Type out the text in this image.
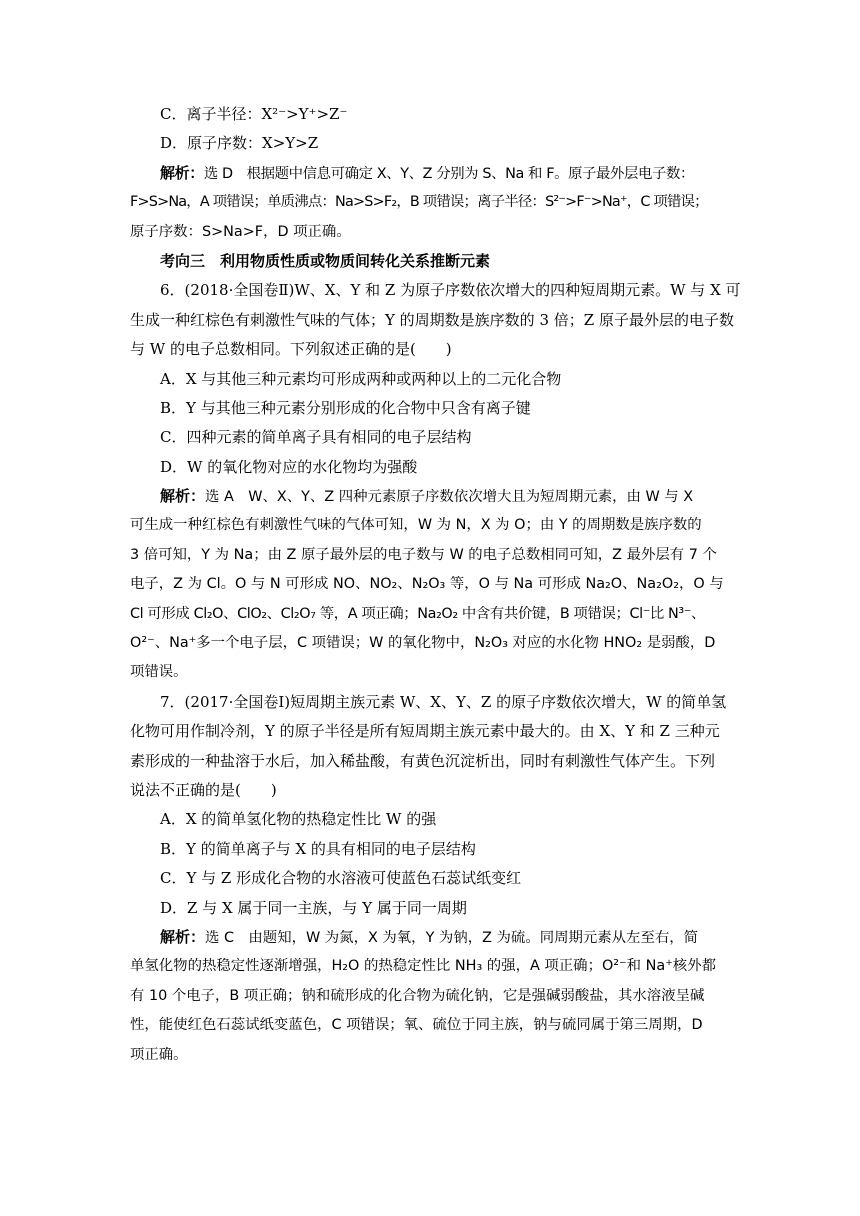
C．离子半径：X²⁻>Y⁺>Z⁻
D．原子序数：X>Y>Z
解析：选 D　根据题中信息可确定 X、Y、Z 分别为 S、Na 和 F。原子最外层电子数：
F>S>Na，A 项错误；单质沸点：Na>S>F₂，B 项错误；离子半径：S²⁻>F⁻>Na⁺，C 项错误；
原子序数：S>Na>F，D 项正确。
考向三　利用物质性质或物质间转化关系推断元素
6．(2018·全国卷Ⅱ)W、X、Y 和 Z 为原子序数依次增大的四种短周期元素。W 与 X 可
生成一种红棕色有刺激性气味的气体；Y 的周期数是族序数的 3 倍；Z 原子最外层的电子数
与 W 的电子总数相同。下列叙述正确的是(　　)
A．X 与其他三种元素均可形成两种或两种以上的二元化合物
B．Y 与其他三种元素分别形成的化合物中只含有离子键
C．四种元素的简单离子具有相同的电子层结构
D．W 的氧化物对应的水化物均为强酸
解析：选 A　W、X、Y、Z 四种元素原子序数依次增大且为短周期元素，由 W 与 X
可生成一种红棕色有刺激性气味的气体可知，W 为 N，X 为 O；由 Y 的周期数是族序数的
3 倍可知，Y 为 Na；由 Z 原子最外层的电子数与 W 的电子总数相同可知，Z 最外层有 7 个
电子，Z 为 Cl。O 与 N 可形成 NO、NO₂、N₂O₃ 等，O 与 Na 可形成 Na₂O、Na₂O₂，O 与
Cl 可形成 Cl₂O、ClO₂、Cl₂O₇ 等，A 项正确；Na₂O₂ 中含有共价键，B 项错误；Cl⁻比 N³⁻、
O²⁻、Na⁺多一个电子层，C 项错误；W 的氧化物中，N₂O₃ 对应的水化物 HNO₂ 是弱酸，D
项错误。
7．(2017·全国卷Ⅰ)短周期主族元素 W、X、Y、Z 的原子序数依次增大，W 的简单氢
化物可用作制冷剂，Y 的原子半径是所有短周期主族元素中最大的。由 X、Y 和 Z 三种元
素形成的一种盐溶于水后，加入稀盐酸，有黄色沉淀析出，同时有刺激性气体产生。下列
说法不正确的是(　　)
A．X 的简单氢化物的热稳定性比 W 的强
B．Y 的简单离子与 X 的具有相同的电子层结构
C．Y 与 Z 形成化合物的水溶液可使蓝色石蕊试纸变红
D．Z 与 X 属于同一主族，与 Y 属于同一周期
解析：选 C　由题知，W 为氮，X 为氧，Y 为钠，Z 为硫。同周期元素从左至右，简
单氢化物的热稳定性逐渐增强，H₂O 的热稳定性比 NH₃ 的强，A 项正确；O²⁻和 Na⁺核外都
有 10 个电子，B 项正确；钠和硫形成的化合物为硫化钠，它是强碱弱酸盐，其水溶液呈碱
性，能使红色石蕊试纸变蓝色，C 项错误；氧、硫位于同主族，钠与硫同属于第三周期，D
项正确。
